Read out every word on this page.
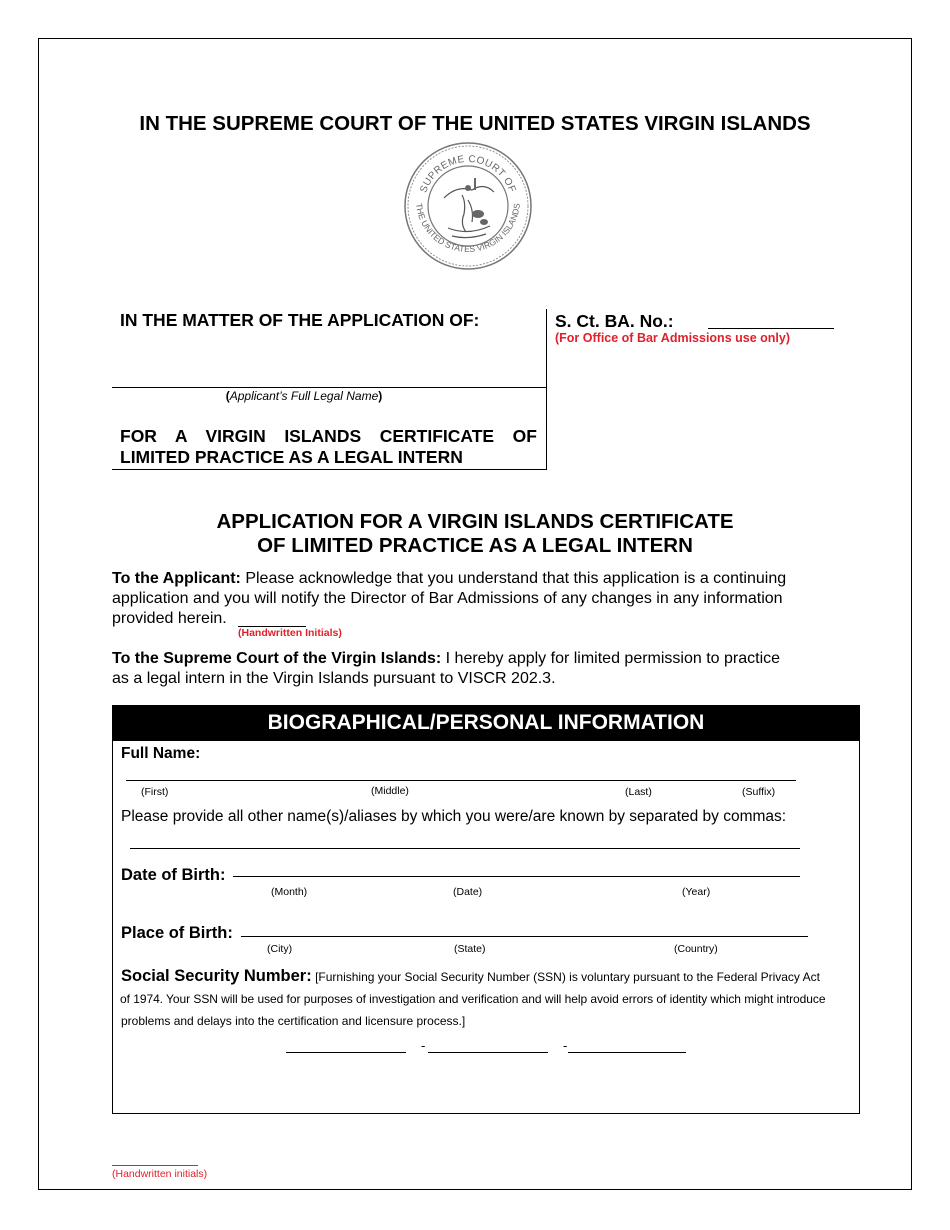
IN THE SUPREME COURT OF THE UNITED STATES VIRGIN ISLANDS
SUPREME COURT OF
THE UNITED STATES VIRGIN ISLANDS
IN THE MATTER OF THE APPLICATION OF:
(Applicant’s Full Legal Name)
FOR A VIRGIN ISLANDS CERTIFICATE OF
LIMITED PRACTICE AS A LEGAL INTERN
S. Ct. BA. No.:
(For Office of Bar Admissions use only)
APPLICATION FOR A VIRGIN ISLANDS CERTIFICATE
OF LIMITED PRACTICE AS A LEGAL INTERN
To the Applicant: Please acknowledge that you understand that this application is a continuing
application and you will notify the Director of Bar Admissions of any changes in any information
provided herein.
(Handwritten Initials)
To the Supreme Court of the Virgin Islands: I hereby apply for limited permission to practice
as a legal intern in the Virgin Islands pursuant to VISCR 202.3.
BIOGRAPHICAL/PERSONAL INFORMATION
Full Name:
(First)	(Middle)	(Last)	(Suffix)
Please provide all other name(s)/aliases by which you were/are known by separated by commas:
Date of Birth:
(Month)	(Date)	(Year)
Place of Birth:
(City)	(State)	(Country)
Social Security Number: [Furnishing your Social Security Number (SSN) is voluntary pursuant to the Federal Privacy Act
of 1974. Your SSN will be used for purposes of investigation and verification and will help avoid errors of identity which might introduce
problems and delays into the certification and licensure process.]
-	-
(Handwritten initials)
